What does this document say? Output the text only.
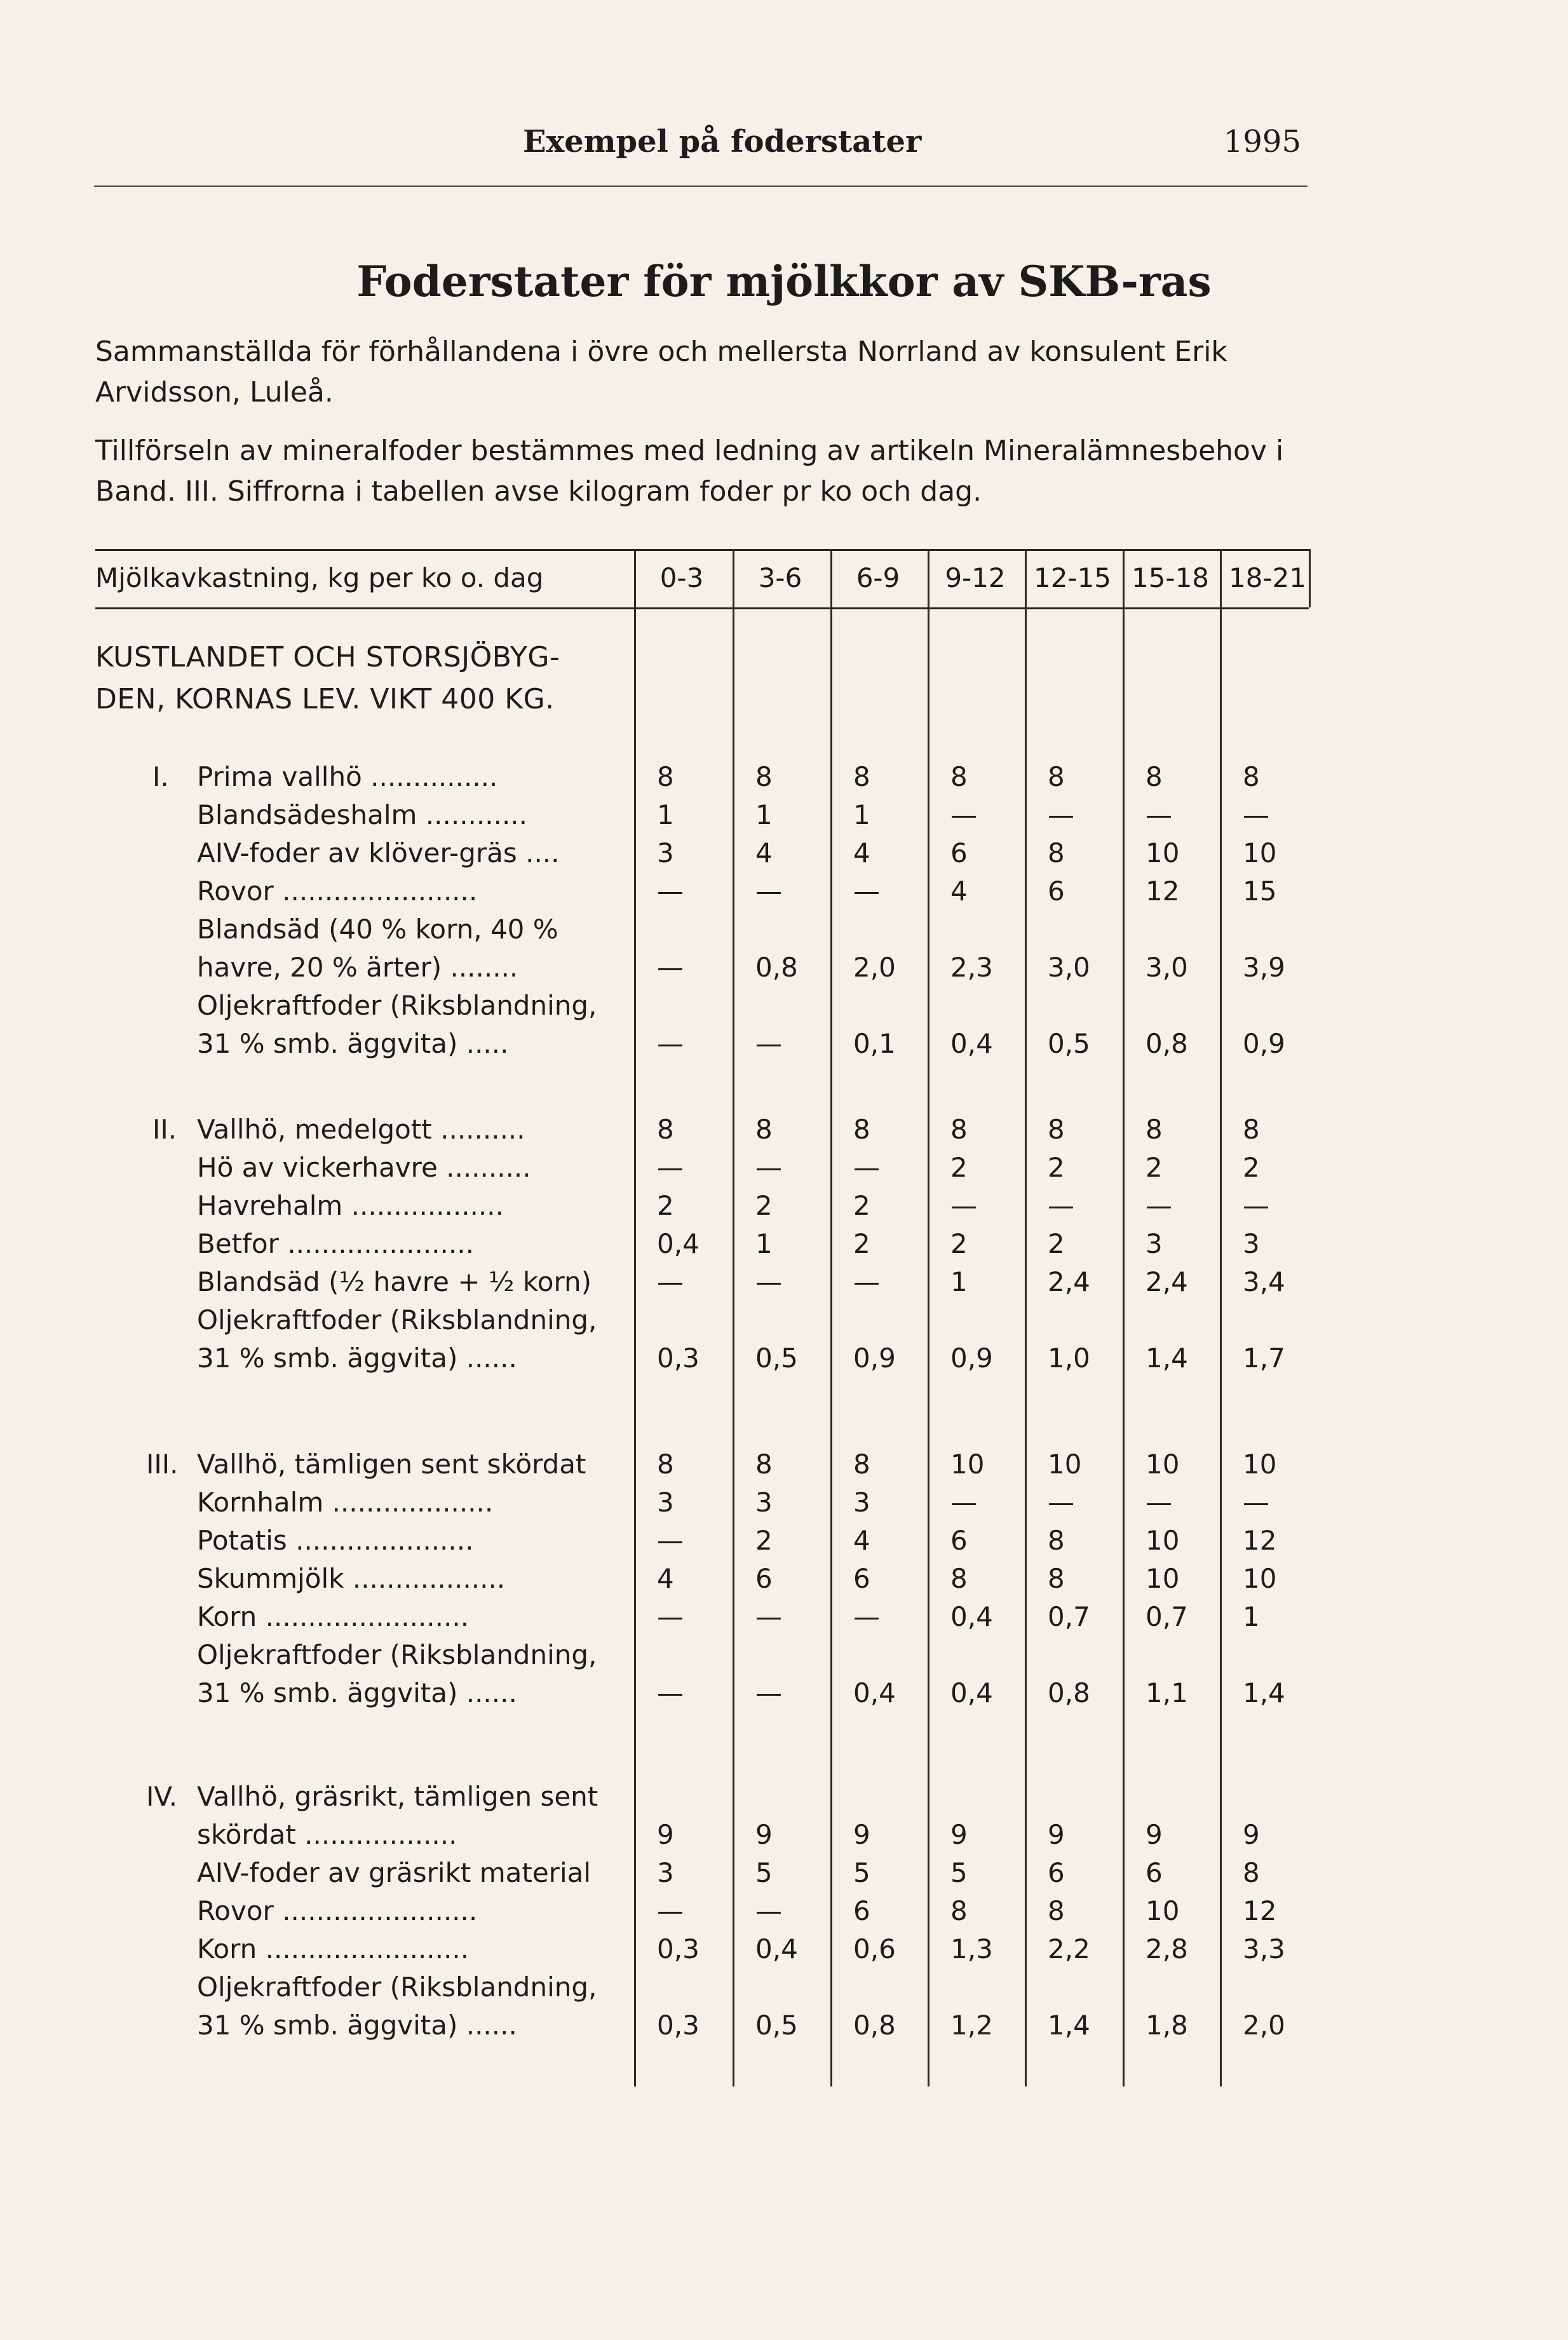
Exempel på foderstater	1995
Foderstater för mjölkkor av SKB-ras

Sammanställda för förhållandena i övre och mellersta Norrland av konsulent Erik Arvidsson, Luleå.

Tillförseln av mineralfoder bestämmes med ledning av artikeln Mineralämnesbehov i Band. III. Siffrorna i tabellen avse kilogram foder pr ko och dag.

Mjölkavkastning, kg per ko o. dag
KUSTLANDET OCH STORSJÖBYG-
DEN, KORNAS LEV. VIKT 400 KG.
0-3	3-6	6-9	9-12	12-15 15-18 18-21
I.	Prima vallhö ...............	8	8	8	8	8	8	8
Blandsädeshalm ............	1	1	1	—	—	—	—
AIV-foder av klöver-gräs ....	3	4	4	6	8	10	10
Rovor .......................	—	—	—	4	6	12	15
Blandsäd (40 % korn, 40 %
havre, 20 % ärter) ........	—	0,8	2,0	2,3	3,0	3,0	3,9
Oljekraftfoder (Riksblandning,
31 % smb. äggvita) .....	—	—	0,1	0,4	0,5	0,8	0,9
II. Vallhö, medelgott ..........	8	8	8	8	8	8	8
Hö av vickerhavre ..........	—	—	—	2	2	2	2
Havrehalm ..................	2	2	2	—	—	—	—
Betfor ......................	0,4	1	2	2	2	3	3
Blandsäd (½ havre + ½ korn)	—	—	—	1	2,4	2,4	3,4
Oljekraftfoder (Riksblandning,
31 % smb. äggvita) ......	0,3	0,5	0,9	0,9	1,0	1,4	1,7
III. Vallhö, tämligen sent skördat	8	8	8	10	10	10	10
Kornhalm ...................	3	3	3	—	—	—	—
Potatis .....................	—	2	4	6	8	10	12
Skummjölk ..................	4	6	6	8	8	10	10
Korn ........................	—	—	—	0,4	0,7	0,7	1
Oljekraftfoder (Riksblandning,
31 % smb. äggvita) ......	—	—	0,4	0,4	0,8	1,1	1,4
IV. Vallhö, gräsrikt, tämligen sent
skördat ..................	9	9	9	9	9	9	9
AIV-foder av gräsrikt material	3	5	5	5	6	6	8
Rovor .......................	—	—	6	8	8	10	12
Korn ........................	0,3	0,4	0,6	1,3	2,2	2,8	3,3
Oljekraftfoder (Riksblandning,
31 % smb. äggvita) ......	0,3	0,5	0,8	1,2	1,4	1,8	2,0
